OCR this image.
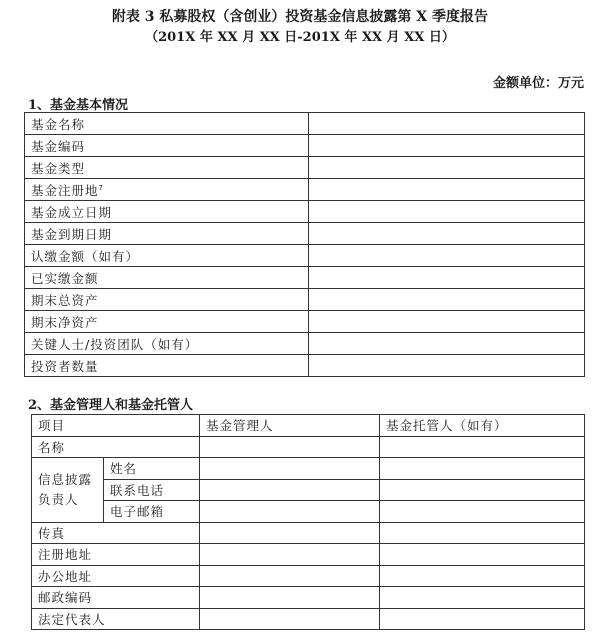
附表 3 私募股权（含创业）投资基金信息披露第 X 季度报告
（201X 年 XX 月 XX 日-201X 年 XX 月 XX 日）
金额单位：万元
1、基金基本情况
基金名称	
基金编码	
基金类型	
基金注册地$^7$	
基金成立日期	
基金到期日期	
认缴金额（如有）	
已实缴金额	
期末总资产	
期末净资产	
关键人士/投资团队（如有）	
投资者数量	
2、基金管理人和基金托管人
项目		基金管理人	基金托管人（如有）
名称			
信息披露负责人	姓名		
	联系电话		
	电子邮箱		
传真			
注册地址			
办公地址			
邮政编码			
法定代表人			
